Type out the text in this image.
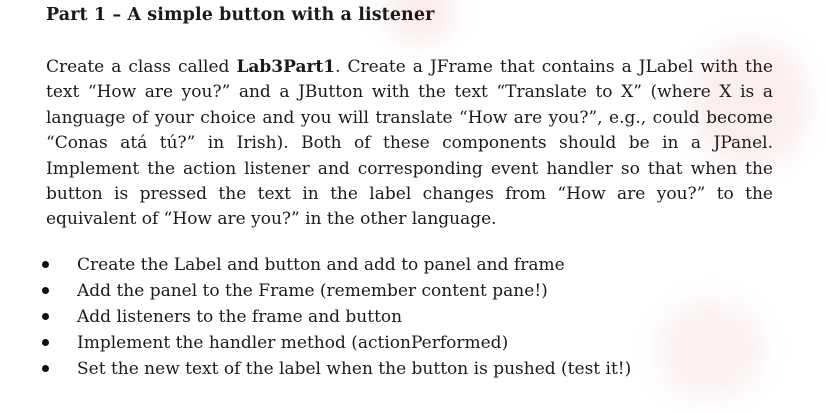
Part 1 – A simple button with a listener

Create a class called Lab3Part1. Create a JFrame that contains a JLabel with the text “How are you?” and a JButton with the text “Translate to X” (where X is a language of your choice and you will translate “How are you?”, e.g., could become “Conas atá tú?” in Irish). Both of these components should be in a JPanel. Implement the action listener and corresponding event handler so that when the button is pressed the text in the label changes from “How are you?” to the equivalent of “How are you?” in the other language.

Create the Label and button and add to panel and frame
Add the panel to the Frame (remember content pane!)
Add listeners to the frame and button
Implement the handler method (actionPerformed)
Set the new text of the label when the button is pushed (test it!)
